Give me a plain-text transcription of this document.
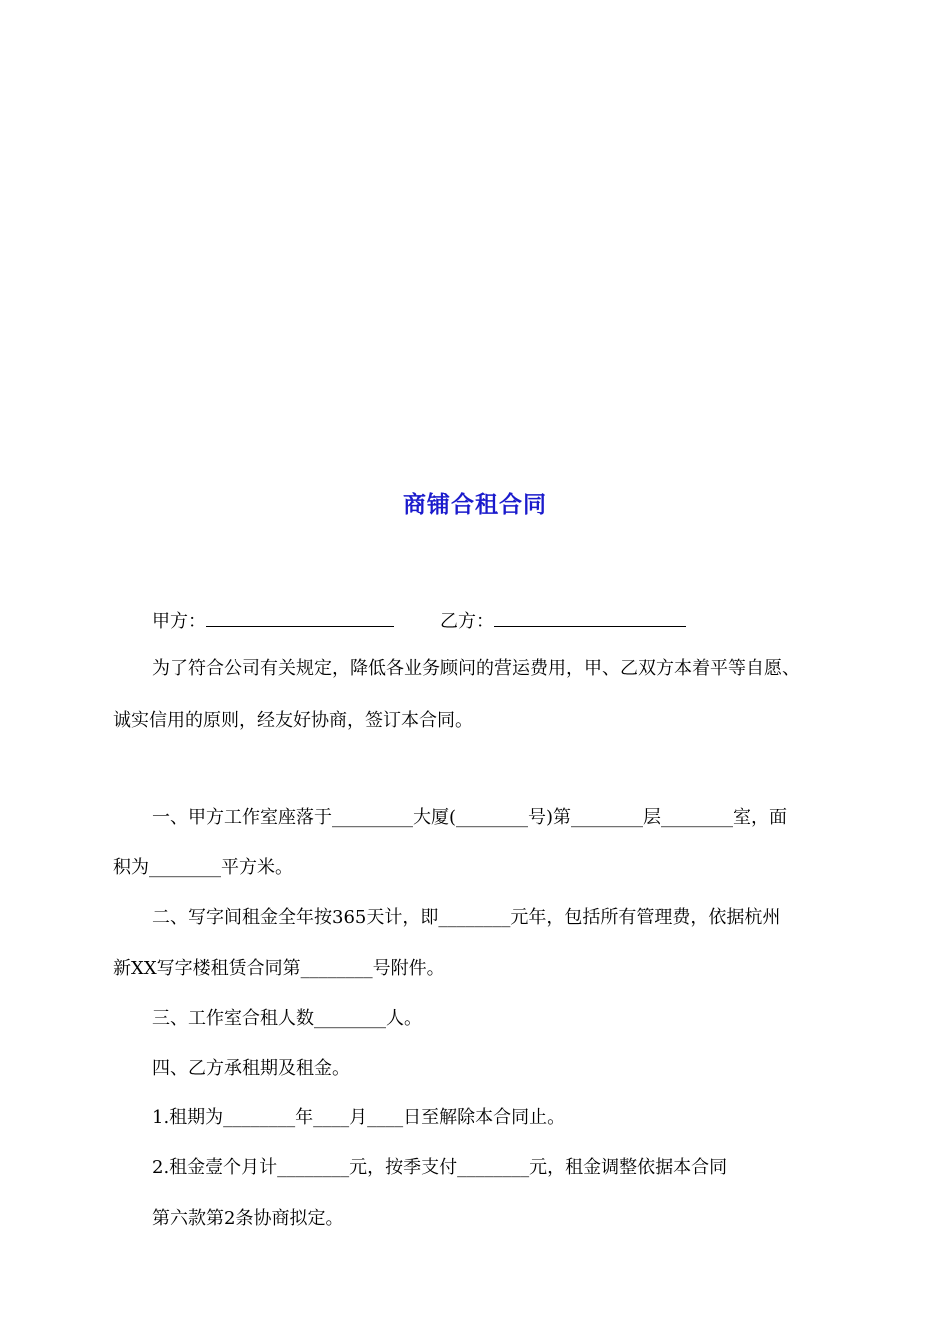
商铺合租合同
甲方：	乙方：
为了符合公司有关规定，降低各业务顾问的营运费用，甲、乙双方本着平等自愿、
诚实信用的原则，经友好协商，签订本合同。
一、甲方工作室座落于_________大厦(________号)第________层________室，面
积为________平方米。
二、写字间租金全年按365天计，即________元年，包括所有管理费，依据杭州
新XX写字楼租赁合同第________号附件。
三、工作室合租人数________人。
四、乙方承租期及租金。
1.租期为________年____月____日至解除本合同止。
2.租金壹个月计________元，按季支付________元，租金调整依据本合同
第六款第2条协商拟定。
